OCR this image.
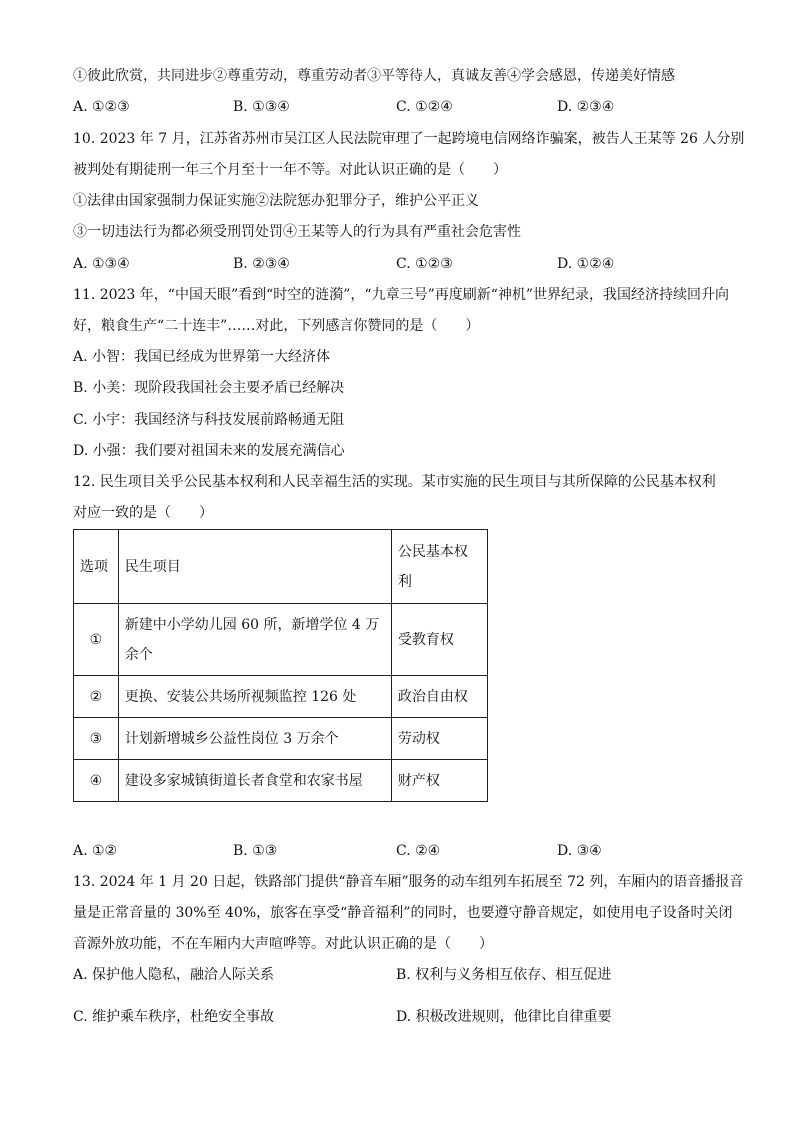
①彼此欣赏，共同进步②尊重劳动，尊重劳动者③平等待人，真诚友善④学会感恩，传递美好情感
A. ①②③	B. ①③④	C. ①②④	D. ②③④
10. 2023 年 7 月，江苏省苏州市吴江区人民法院审理了一起跨境电信网络诈骗案，被告人王某等 26 人分别
被判处有期徒刑一年三个月至十一年不等。对此认识正确的是（　　）
①法律由国家强制力保证实施②法院惩办犯罪分子，维护公平正义
③一切违法行为都必须受刑罚处罚④王某等人的行为具有严重社会危害性
A. ①③④	B. ②③④	C. ①②③	D. ①②④
11. 2023 年，“中国天眼”看到“时空的涟漪”，“九章三号”再度刷新“神机”世界纪录，我国经济持续回升向
好，粮食生产“二十连丰”……对此，下列感言你赞同的是（　　）
A. 小智：我国已经成为世界第一大经济体
B. 小美：现阶段我国社会主要矛盾已经解决
C. 小宇：我国经济与科技发展前路畅通无阻
D. 小强：我们要对祖国未来的发展充满信心
12. 民生项目关乎公民基本权利和人民幸福生活的实现。某市实施的民生项目与其所保障的公民基本权利
对应一致的是（　　）
选项	民生项目	公民基本权利
①	新建中小学幼儿园 60 所，新增学位 4 万余个	受教育权
②	更换、安装公共场所视频监控 126 处	政治自由权
③	计划新增城乡公益性岗位 3 万余个	劳动权
④	建设多家城镇街道长者食堂和农家书屋	财产权
A. ①②	B. ①③	C. ②④	D. ③④
13. 2024 年 1 月 20 日起，铁路部门提供“静音车厢”服务的动车组列车拓展至 72 列，车厢内的语音播报音
量是正常音量的 30%至 40%，旅客在享受“静音福利”的同时，也要遵守静音规定，如使用电子设备时关闭
音源外放功能，不在车厢内大声喧哗等。对此认识正确的是（　　）
A. 保护他人隐私，融洽人际关系	B. 权利与义务相互依存、相互促进
C. 维护乘车秩序，杜绝安全事故	D. 积极改进规则，他律比自律重要
